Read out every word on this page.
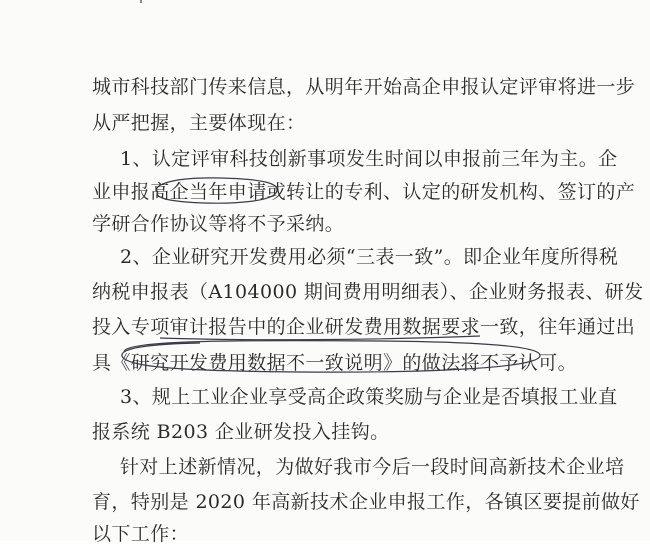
城市科技部门传来信息，从明年开始高企申报认定评审将进一步
从严把握，主要体现在：
1、认定评审科技创新事项发生时间以申报前三年为主。企
业申报高企当年申请或转让的专利、认定的研发机构、签订的产
学研合作协议等将不予采纳。
2、企业研究开发费用必须“三表一致”。即企业年度所得税
纳税申报表（A104000 期间费用明细表）、企业财务报表、研发
投入专项审计报告中的企业研发费用数据要求一致，往年通过出
具《研究开发费用数据不一致说明》的做法将不予认可。
3、规上工业企业享受高企政策奖励与企业是否填报工业直
报系统 B203 企业研发投入挂钩。
针对上述新情况，为做好我市今后一段时间高新技术企业培
育，特别是 2020 年高新技术企业申报工作，各镇区要提前做好
以下工作：
